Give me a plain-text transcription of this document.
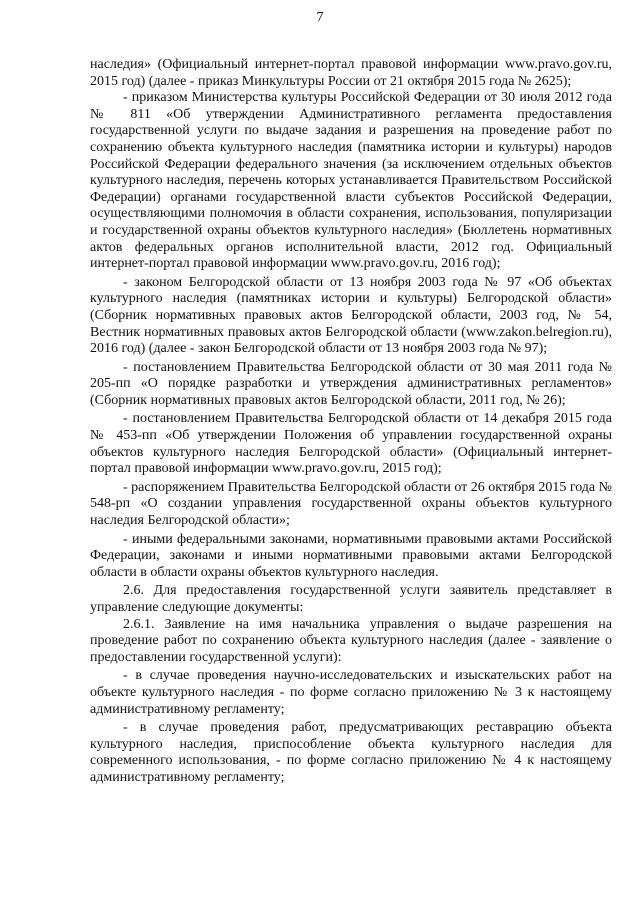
7

наследия» (Официальный интернет-портал правовой информации www.pravo.gov.ru, 2015 год) (далее - приказ Минкультуры России от 21 октября 2015 года № 2625);

- приказом Министерства культуры Российской Федерации от 30 июля 2012 года № 811 «Об утверждении Административного регламента предоставления государственной услуги по выдаче задания и разрешения на проведение работ по сохранению объекта культурного наследия (памятника истории и культуры) народов Российской Федерации федерального значения (за исключением отдельных объектов культурного наследия, перечень которых устанавливается Правительством Российской Федерации) органами государственной власти субъектов Российской Федерации, осуществляющими полномочия в области сохранения, использования, популяризации и государственной охраны объектов культурного наследия» (Бюллетень нормативных актов федеральных органов исполнительной власти, 2012 год. Официальный интернет-портал правовой информации www.pravo.gov.ru, 2016 год);

- законом Белгородской области от 13 ноября 2003 года № 97 «Об объектах культурного наследия (памятниках истории и культуры) Белгородской области» (Сборник нормативных правовых актов Белгородской области, 2003 год, № 54, Вестник нормативных правовых актов Белгородской области (www.zakon.belregion.ru), 2016 год) (далее - закон Белгородской области от 13 ноября 2003 года № 97);

- постановлением Правительства Белгородской области от 30 мая 2011 года № 205-пп «О порядке разработки и утверждения административных регламентов» (Сборник нормативных правовых актов Белгородской области, 2011 год, № 26);

- постановлением Правительства Белгородской области от 14 декабря 2015 года № 453-пп «Об утверждении Положения об управлении государственной охраны объектов культурного наследия Белгородской области» (Официальный интернет-портал правовой информации www.pravo.gov.ru, 2015 год);

- распоряжением Правительства Белгородской области от 26 октября 2015 года № 548-рп «О создании управления государственной охраны объектов культурного наследия Белгородской области»;

- иными федеральными законами, нормативными правовыми актами Российской Федерации, законами и иными нормативными правовыми актами Белгородской области в области охраны объектов культурного наследия.

2.6. Для предоставления государственной услуги заявитель представляет в управление следующие документы:

2.6.1. Заявление на имя начальника управления о выдаче разрешения на проведение работ по сохранению объекта культурного наследия (далее - заявление о предоставлении государственной услуги):

- в случае проведения научно-исследовательских и изыскательских работ на объекте культурного наследия - по форме согласно приложению № 3 к настоящему административному регламенту;

- в случае проведения работ, предусматривающих реставрацию объекта культурного наследия, приспособление объекта культурного наследия для современного использования, - по форме согласно приложению № 4 к настоящему административному регламенту;
